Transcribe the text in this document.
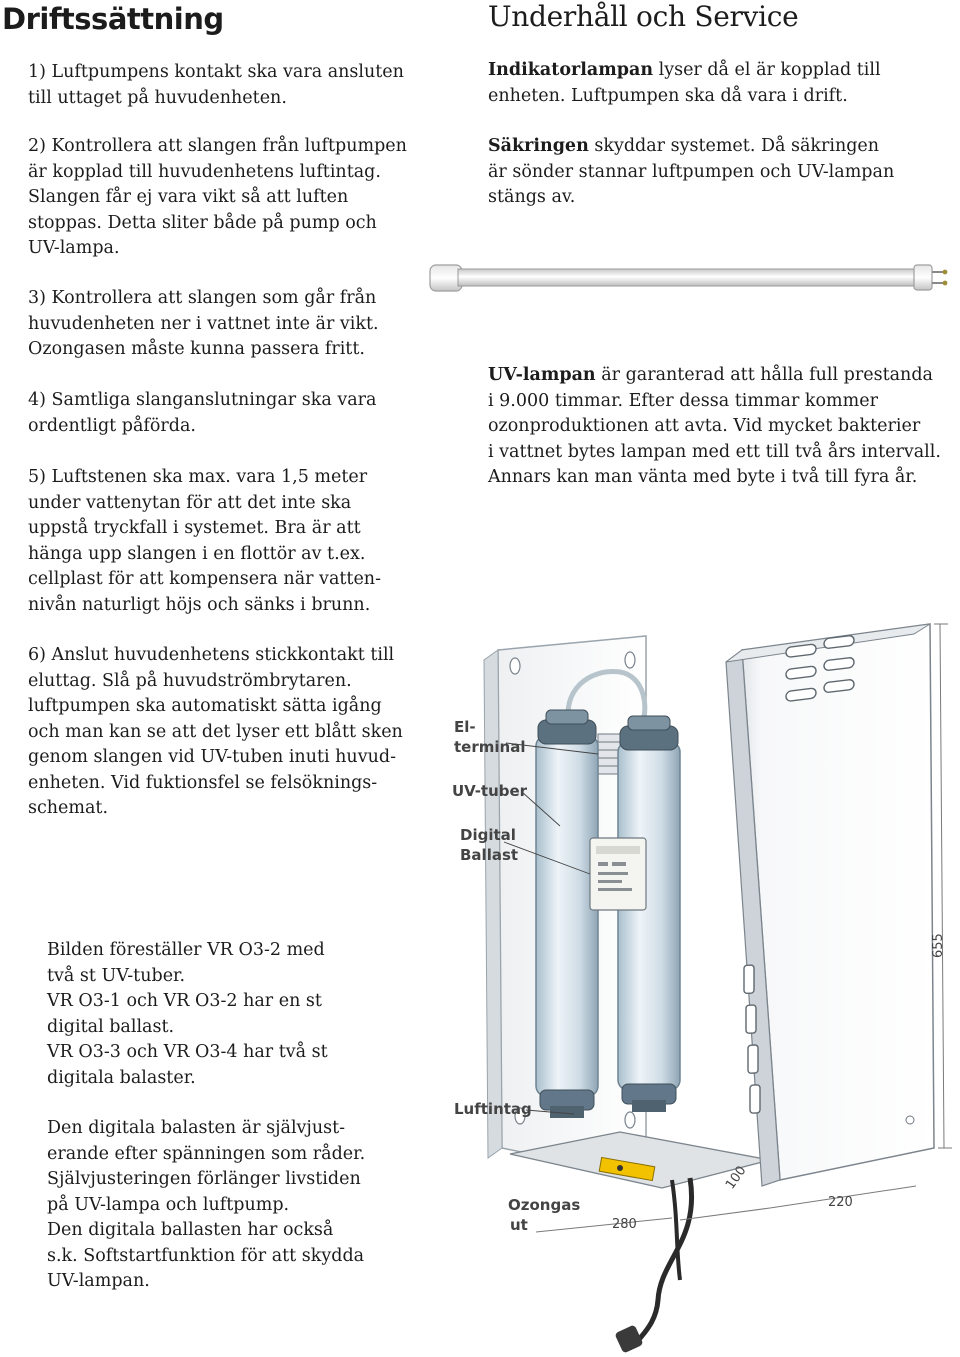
Driftssättning

1) Luftpumpens kontakt ska vara ansluten
till uttaget på huvudenheten.

2) Kontrollera att slangen från luftpumpen
är kopplad till huvudenhetens luftintag.
Slangen får ej vara vikt så att luften
stoppas. Detta sliter både på pump och
UV-lampa.

3) Kontrollera att slangen som går från
huvudenheten ner i vattnet inte är vikt.
Ozongasen måste kunna passera fritt.

4) Samtliga slanganslutningar ska vara
ordentligt påförda.

5) Luftstenen ska max. vara 1,5 meter
under vattenytan för att det inte ska
uppstå tryckfall i systemet. Bra är att
hänga upp slangen i en flottör av t.ex.
cellplast för att kompensera när vatten-
nivån naturligt höjs och sänks i brunn.

6) Anslut huvudenhetens stickkontakt till
eluttag. Slå på huvudströmbrytaren.
luftpumpen ska automatiskt sätta igång
och man kan se att det lyser ett blått sken
genom slangen vid UV-tuben inuti huvud-
enheten. Vid fuktionsfel se felsöknings-
schemat.

Bilden föreställer VR O3-2 med
två st UV-tuber.
VR O3-1 och VR O3-2 har en st
digital ballast.
VR O3-3 och VR O3-4 har två st
digitala balaster.

Den digitala balasten är självjust-
erande efter spänningen som råder.
Självjusteringen förlänger livstiden
på UV-lampa och luftpump.
Den digitala ballasten har också
s.k. Softstartfunktion för att skydda
UV-lampan.

Underhåll och Service

Indikatorlampan lyser då el är kopplad till
enheten. Luftpumpen ska då vara i drift.

Säkringen skyddar systemet. Då säkringen
är sönder stannar luftpumpen och UV-lampan
stängs av.

UV-lampan är garanterad att hålla full prestanda
i 9.000 timmar. Efter dessa timmar kommer
ozonproduktionen att avta. Vid mycket bakterier
i vattnet bytes lampan med ett till två års intervall.
Annars kan man vänta med byte i två till fyra år.

655
100
220
280
El-
terminal
UV-tuber
Digital
Ballast
Luftintag
Ozongas
ut
